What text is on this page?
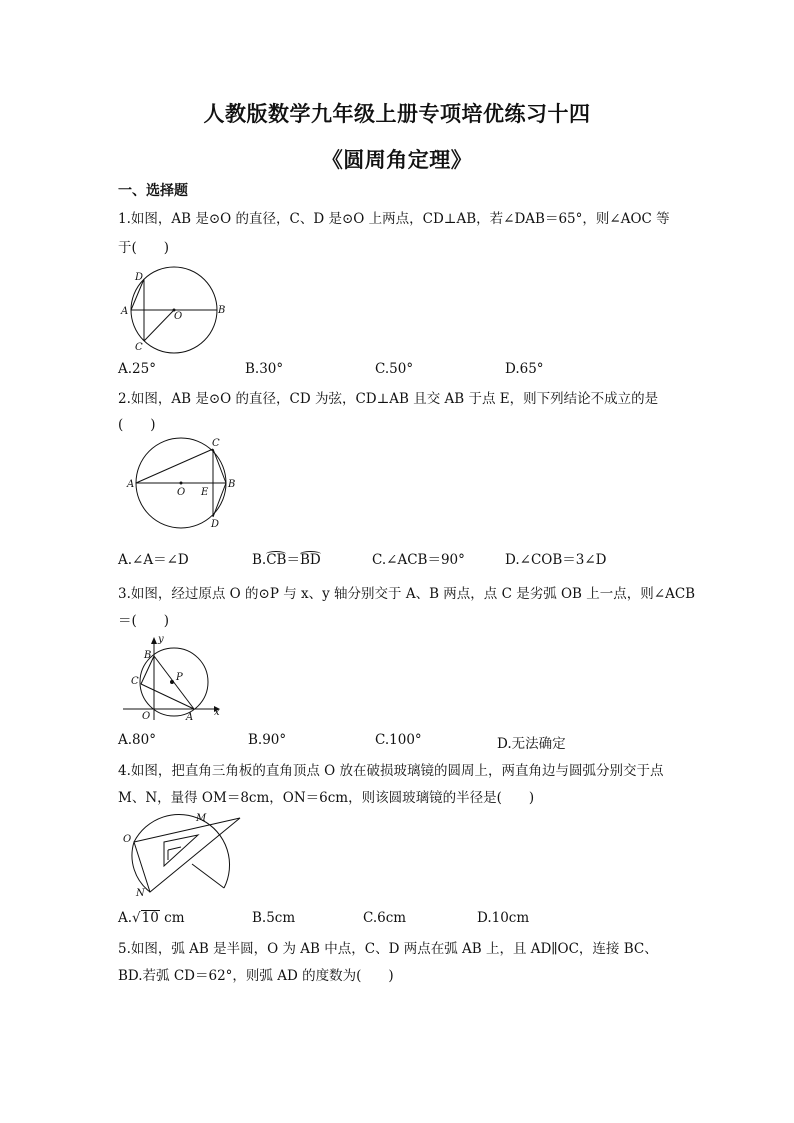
人教版数学九年级上册专项培优练习十四
《圆周角定理》
一、选择题
1.如图，AB 是⊙O 的直径，C、D 是⊙O 上两点，CD⊥AB，若∠DAB＝65°，则∠AOC 等
于(　　)
D
A	O
B
C
A.25°	B.30°	C.50°	D.65°
2.如图，AB 是⊙O 的直径，CD 为弦，CD⊥AB 且交 AB 于点 E，则下列结论不成立的是
(　　)
C
A
O E
B
D
A.∠A＝∠D	B.CB＝BD	C.∠ACB＝90°	D.∠COB＝3∠D
3.如图，经过原点 O 的⊙P 与 x、y 轴分别交于 A、B 两点，点 C 是劣弧 OB 上一点，则∠ACB
＝(　　)
y
B
C	P
O	A x
A.80°	B.90°	C.100°	D.无法确定
4.如图，把直角三角板的直角顶点 O 放在破损玻璃镜的圆周上，两直角边与圆弧分别交于点
M、N，量得 OM＝8cm，ON＝6cm，则该圆玻璃镜的半径是(　　)
M
O
N
A.√10 cm	B.5cm	C.6cm	D.10cm
5.如图，弧 AB 是半圆，O 为 AB 中点，C、D 两点在弧 AB 上，且 AD∥OC，连接 BC、
BD.若弧 CD＝62°，则弧 AD 的度数为(　　)
